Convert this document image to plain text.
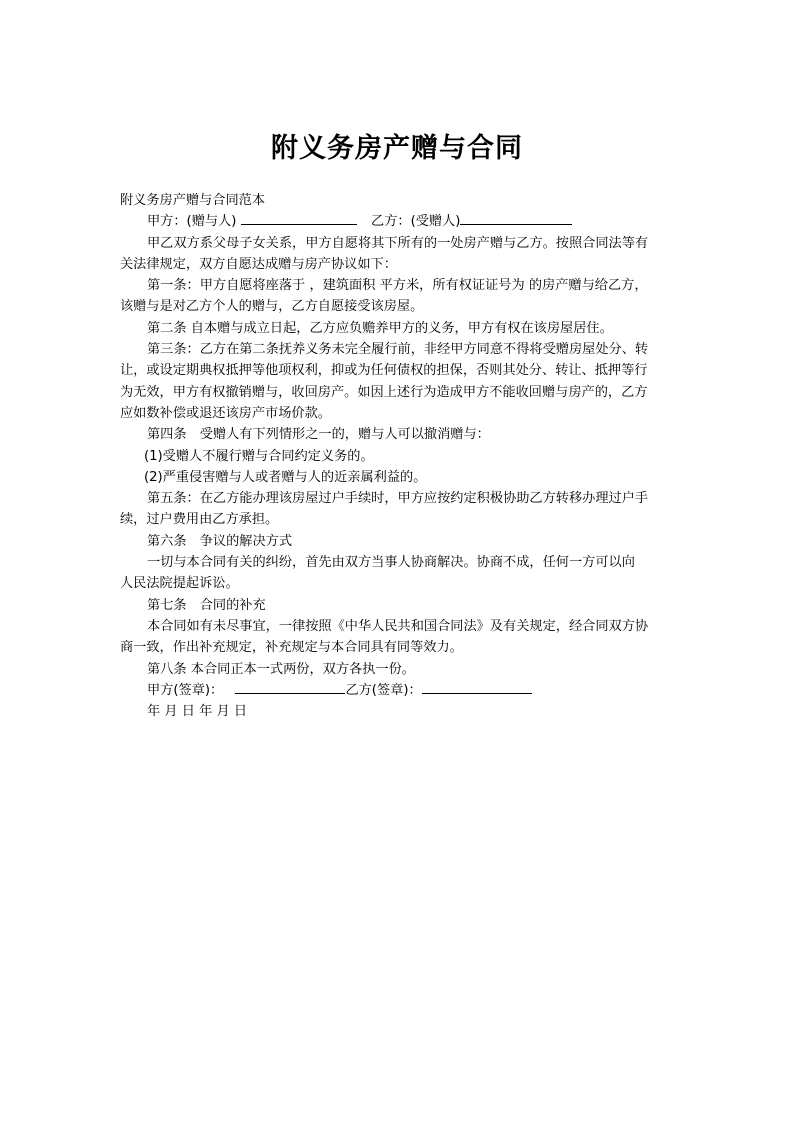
附义务房产赠与合同
附义务房产赠与合同范本
甲方：(赠与人)	乙方：(受赠人)
甲乙双方系父母子女关系，甲方自愿将其下所有的一处房产赠与乙方。按照合同法等有
关法律规定，双方自愿达成赠与房产协议如下：
第一条：甲方自愿将座落于 ，建筑面积 平方米，所有权证证号为 的房产赠与给乙方，
该赠与是对乙方个人的赠与，乙方自愿接受该房屋。
第二条 自本赠与成立日起，乙方应负赡养甲方的义务，甲方有权在该房屋居住。
第三条：乙方在第二条抚养义务未完全履行前，非经甲方同意不得将受赠房屋处分、转
让，或设定期典权抵押等他项权利，抑或为任何债权的担保，否则其处分、转让、抵押等行
为无效，甲方有权撤销赠与，收回房产。如因上述行为造成甲方不能收回赠与房产的，乙方
应如数补偿或退还该房产市场价款。
第四条　受赠人有下列情形之一的，赠与人可以撤消赠与：
(1)受赠人不履行赠与合同约定义务的。
(2)严重侵害赠与人或者赠与人的近亲属利益的。
第五条：在乙方能办理该房屋过户手续时，甲方应按约定积极协助乙方转移办理过户手
续，过户费用由乙方承担。
第六条　争议的解决方式
一切与本合同有关的纠纷，首先由双方当事人协商解决。协商不成，任何一方可以向
人民法院提起诉讼。
第七条　合同的补充
本合同如有未尽事宜，一律按照《中华人民共和国合同法》及有关规定，经合同双方协
商一致，作出补充规定，补充规定与本合同具有同等效力。
第八条 本合同正本一式两份，双方各执一份。
甲方(签章)：	乙方(签章)：
年 月 日 年 月 日
